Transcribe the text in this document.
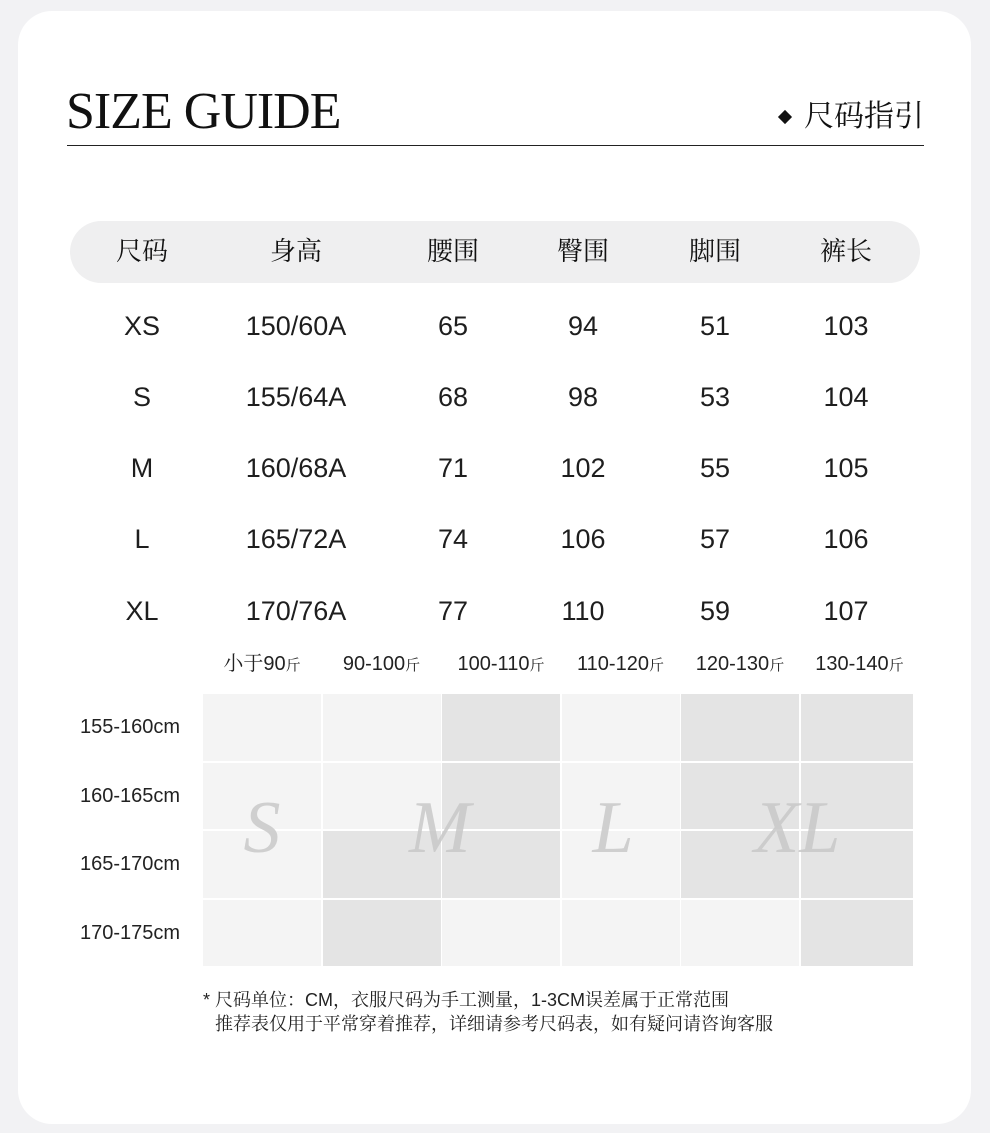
SIZE GUIDE	尺码指引
尺码	身高	腰围	臀围	脚围	裤长
XS	150/60A	65	94	51	103
S	155/64A	68	98	53	104
M	160/68A	71	102	55	105
L	165/72A	74	106	57	106
XL	170/76A	77	110	59	107
小于90斤	90-100斤	100-110斤	110-120斤	120-130斤	130-140斤
155-160cm
160-165cm
165-170cm
170-175cm
* 尺码单位：CM，衣服尺码为手工测量，1-3CM误差属于正常范围
推荐表仅用于平常穿着推荐，详细请参考尺码表，如有疑问请咨询客服
S M L XL
